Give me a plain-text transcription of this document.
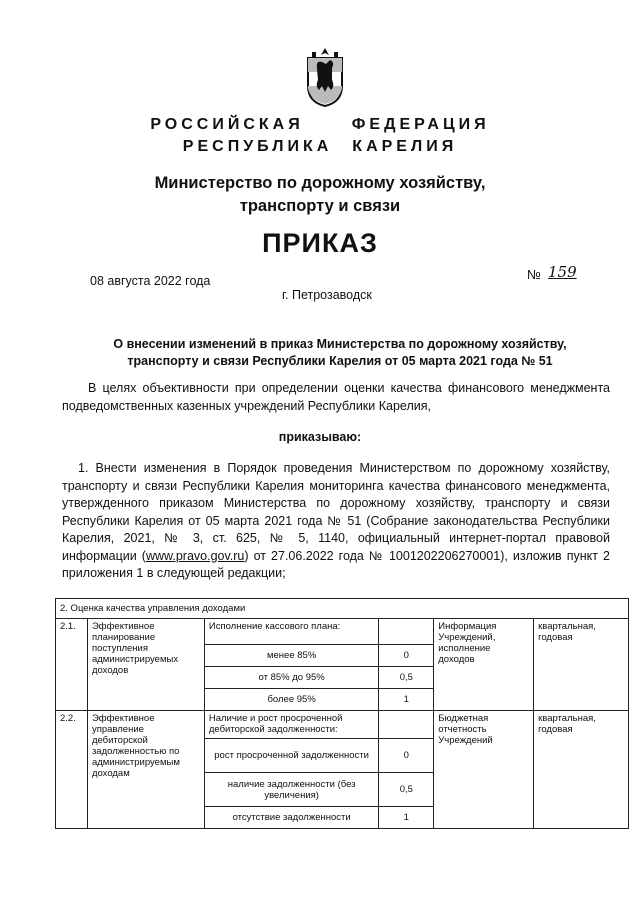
РОССИЙСКАЯ	ФЕДЕРАЦИЯ
РЕСПУБЛИКА КАРЕЛИЯ
Министерство по дорожному хозяйству,
транспорту и связи
ПРИКАЗ
08 августа 2022 года	№ 159
г. Петрозаводск
О внесении изменений в приказ Министерства по дорожному хозяйству,
транспорту и связи Республики Карелия от 05 марта 2021 года № 51
В целях объективности при определении оценки качества финансового менеджмента подведомственных казенных учреждений Республики Карелия,
приказываю:
1. Внести изменения в Порядок проведения Министерством по дорожному хозяйству, транспорту и связи Республики Карелия мониторинга качества финансового менеджмента, утвержденного приказом Министерства по дорожному хозяйству, транспорту и связи Республики Карелия от 05 марта 2021 года № 51 (Собрание законодательства Республики Карелия, 2021, № 3, ст. 625, № 5, 1140, официальный интернет-портал правовой информации (www.pravo.gov.ru) от 27.06.2022 года № 1001202206270001), изложив пункт 2 приложения 1 в следующей редакции;
2. Оценка качества управления доходами					
2.1.	Эффективное планирование поступления администрируемых доходов	Исполнение кассового плана:		Информация Учреждений, исполнение доходов	квартальная, годовая
		менее 85%	0		
		от 85% до 95%	0,5		
		более 95%	1		
2.2.	Эффективное управление дебиторской задолженностью по администрируемым доходам	Наличие и рост просроченной дебиторской задолженности:		Бюджетная отчетность Учреждений	квартальная, годовая
		рост просроченной задолженности	0		
		наличие задолженности (без увеличения)	0,5		
		отсутствие задолженности	1		
